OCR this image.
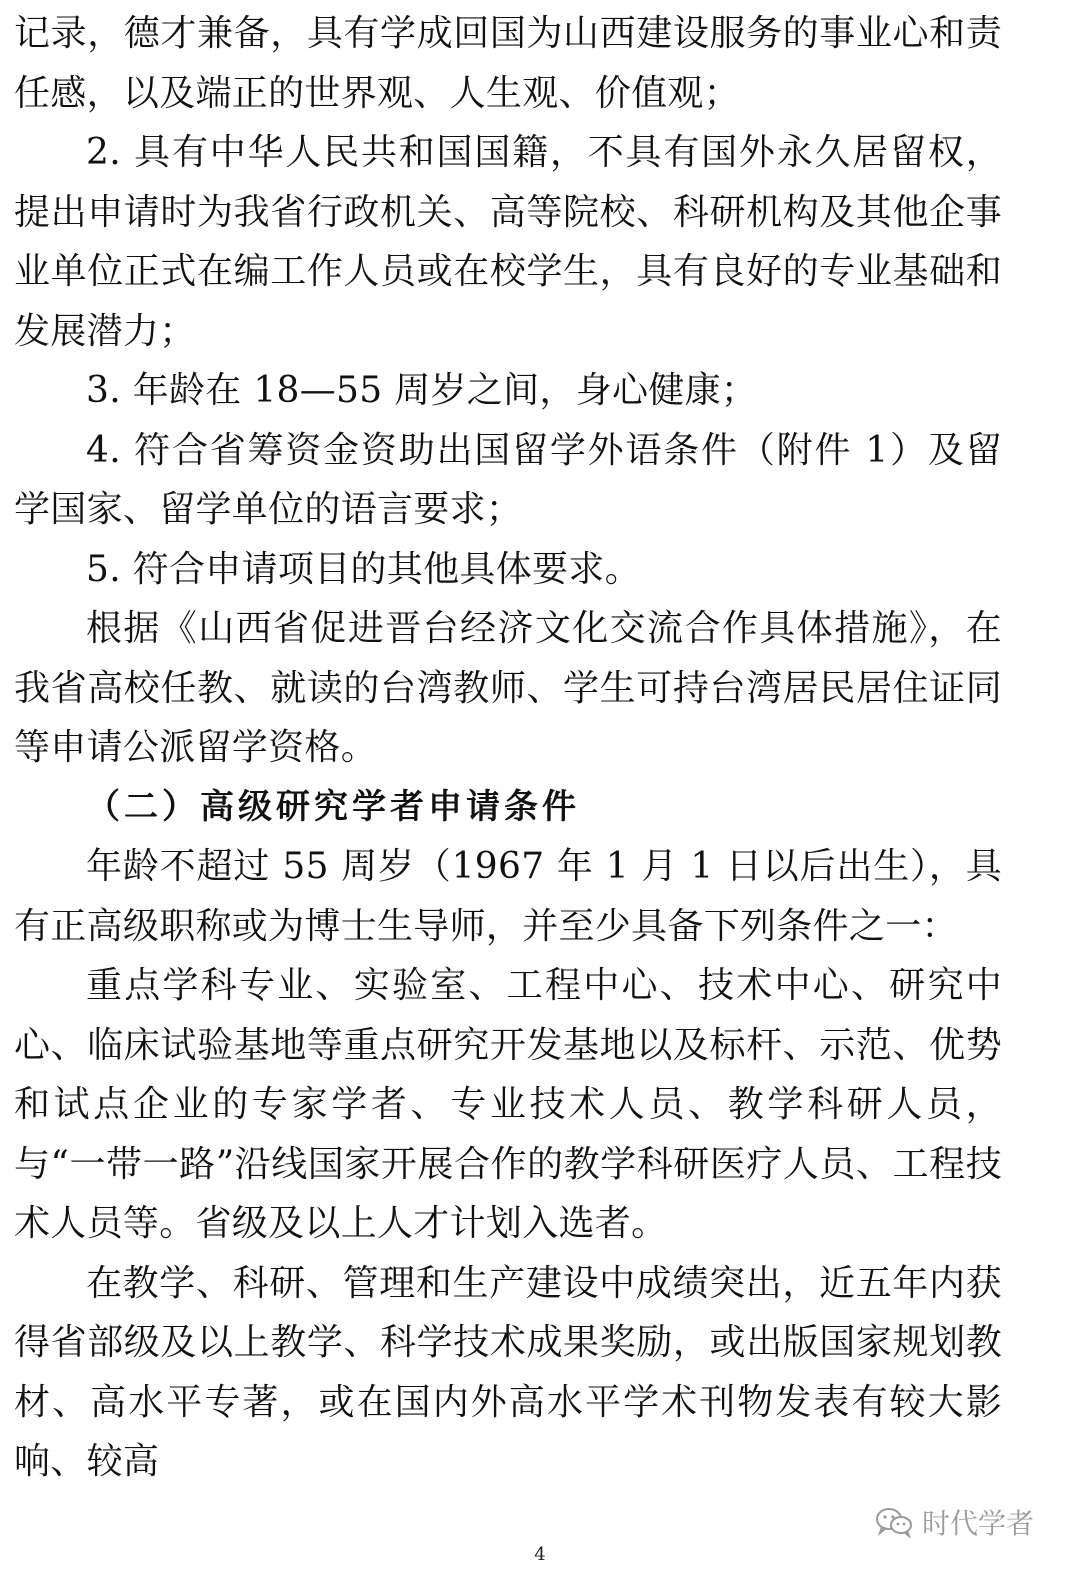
记录，德才兼备，具有学成回国为山西建设服务的事业心和责任感，以及端正的世界观、人生观、价值观；

2. 具有中华人民共和国国籍，不具有国外永久居留权，提出申请时为我省行政机关、高等院校、科研机构及其他企事业单位正式在编工作人员或在校学生，具有良好的专业基础和发展潜力；

3. 年龄在 18—55 周岁之间，身心健康；

4. 符合省筹资金资助出国留学外语条件（附件 1）及留学国家、留学单位的语言要求；

5. 符合申请项目的其他具体要求。

根据《山西省促进晋台经济文化交流合作具体措施》，在我省高校任教、就读的台湾教师、学生可持台湾居民居住证同等申请公派留学资格。

（二）高级研究学者申请条件

年龄不超过 55 周岁（1967 年 1 月 1 日以后出生），具有正高级职称或为博士生导师，并至少具备下列条件之一：

重点学科专业、实验室、工程中心、技术中心、研究中心、临床试验基地等重点研究开发基地以及标杆、示范、优势和试点企业的专家学者、专业技术人员、教学科研人员，与“一带一路”沿线国家开展合作的教学科研医疗人员、工程技术人员等。省级及以上人才计划入选者。

在教学、科研、管理和生产建设中成绩突出，近五年内获得省部级及以上教学、科学技术成果奖励，或出版国家规划教材、高水平专著，或在国内外高水平学术刊物发表有较大影响、较高

时代学者
4
